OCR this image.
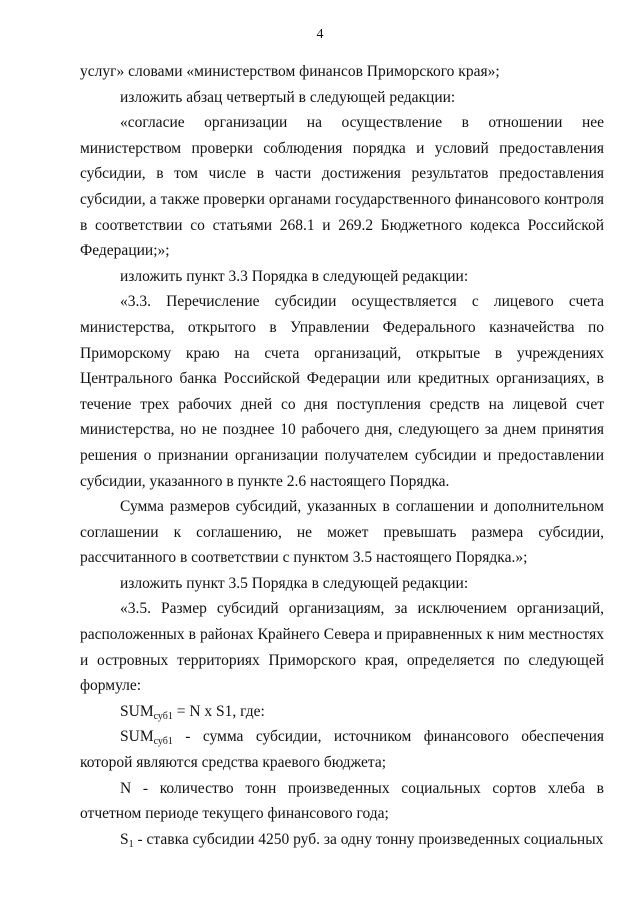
4

услуг» словами «министерством финансов Приморского края»;

изложить абзац четвертый в следующей редакции:

«согласие организации на осуществление в отношении нее министерством проверки соблюдения порядка и условий предоставления субсидии, в том числе в части достижения результатов предоставления субсидии, а также проверки органами государственного финансового контроля в соответствии со статьями 268.1 и 269.2 Бюджетного кодекса Российской Федерации;»;

изложить пункт 3.3 Порядка в следующей редакции:

«3.3. Перечисление субсидии осуществляется с лицевого счета министерства, открытого в Управлении Федерального казначейства по Приморскому краю на счета организаций, открытые в учреждениях Центрального банка Российской Федерации или кредитных организациях, в течение трех рабочих дней со дня поступления средств на лицевой счет министерства, но не позднее 10 рабочего дня, следующего за днем принятия решения о признании организации получателем субсидии и предоставлении субсидии, указанного в пункте 2.6 настоящего Порядка.

Сумма размеров субсидий, указанных в соглашении и дополнительном соглашении к соглашению, не может превышать размера субсидии, рассчитанного в соответствии с пунктом 3.5 настоящего Порядка.»;

изложить пункт 3.5 Порядка в следующей редакции:

«3.5. Размер субсидий организациям, за исключением организаций, расположенных в районах Крайнего Севера и приравненных к ним местностях и островных территориях Приморского края, определяется по следующей формуле:

$SUM_{суб1} = N$ x S1, где:

$SUM_{суб1}$ - сумма субсидии, источником финансового обеспечения которой являются средства краевого бюджета;

N - количество тонн произведенных социальных сортов хлеба в отчетном периоде текущего финансового года;

$S_1$ - ставка субсидии 4250 руб. за одну тонну произведенных социальных
